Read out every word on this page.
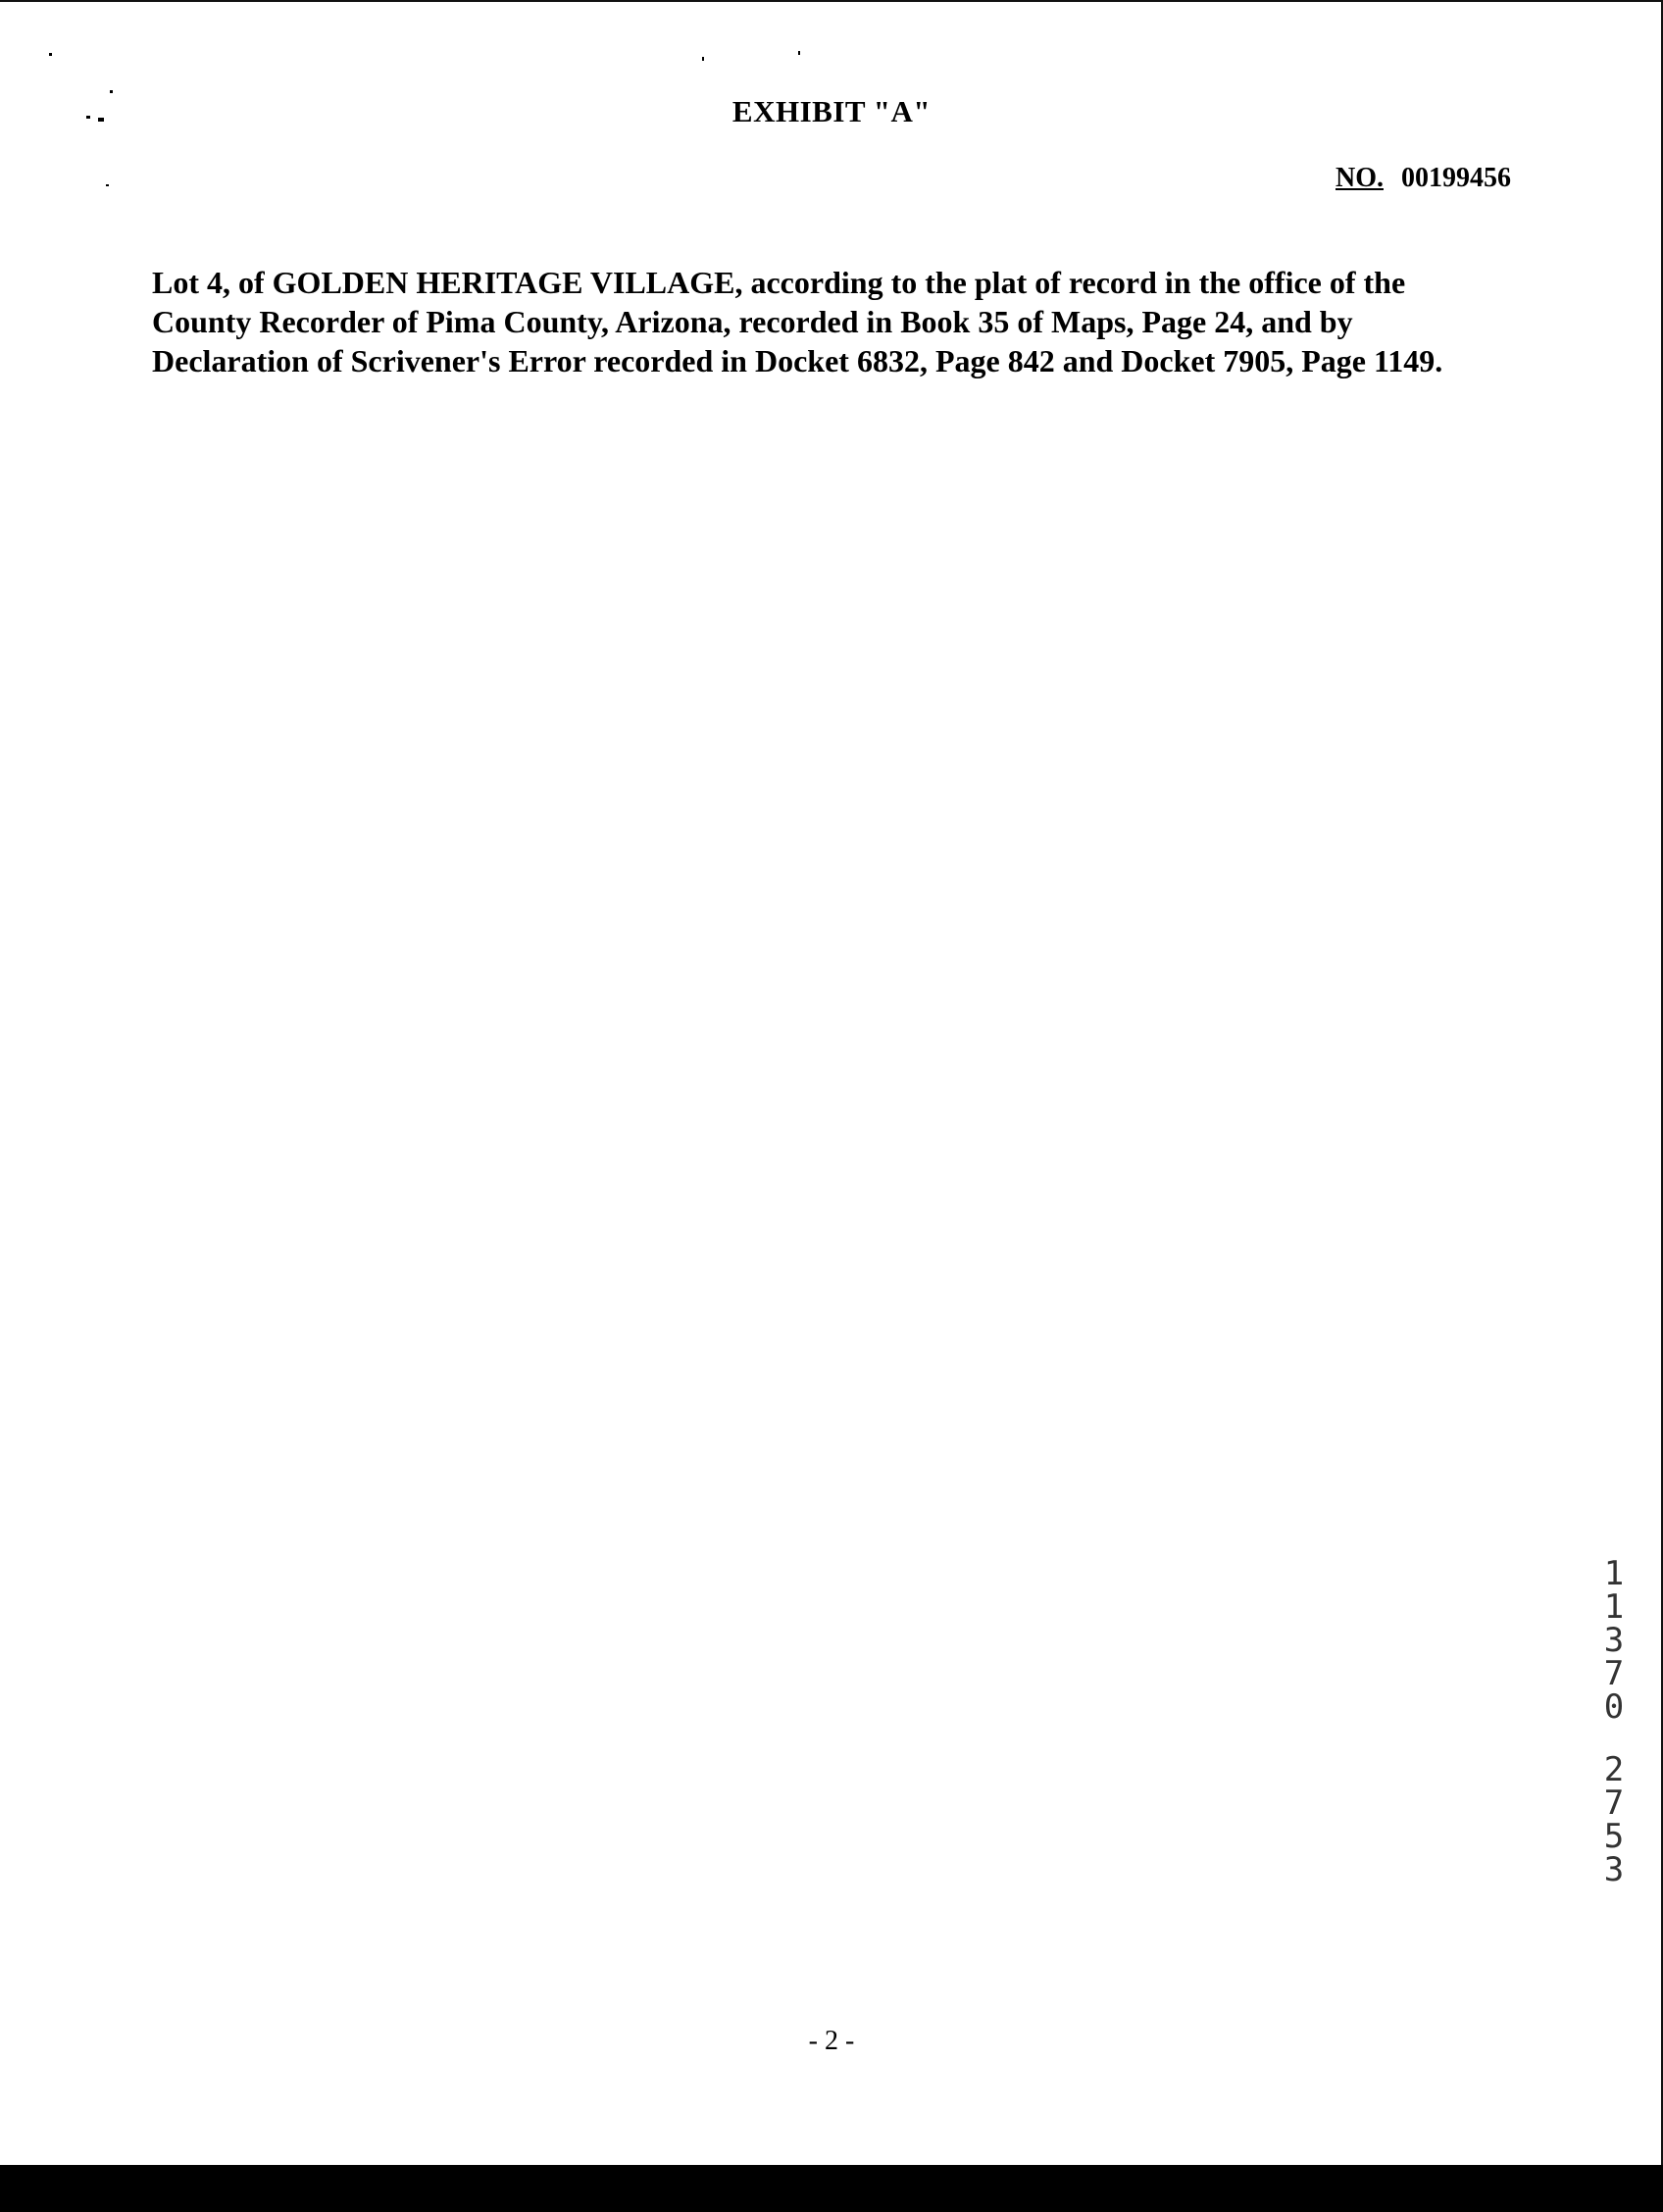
EXHIBIT "A"
NO. 00199456
Lot 4, of GOLDEN HERITAGE VILLAGE, according to the plat of record in the office of the
County Recorder of Pima County, Arizona, recorded in Book 35 of Maps, Page 24, and by
Declaration of Scrivener's Error recorded in Docket 6832, Page 842 and Docket 7905, Page 1149.
1
1
3
7
0
2
7
5
3
- 2 -
